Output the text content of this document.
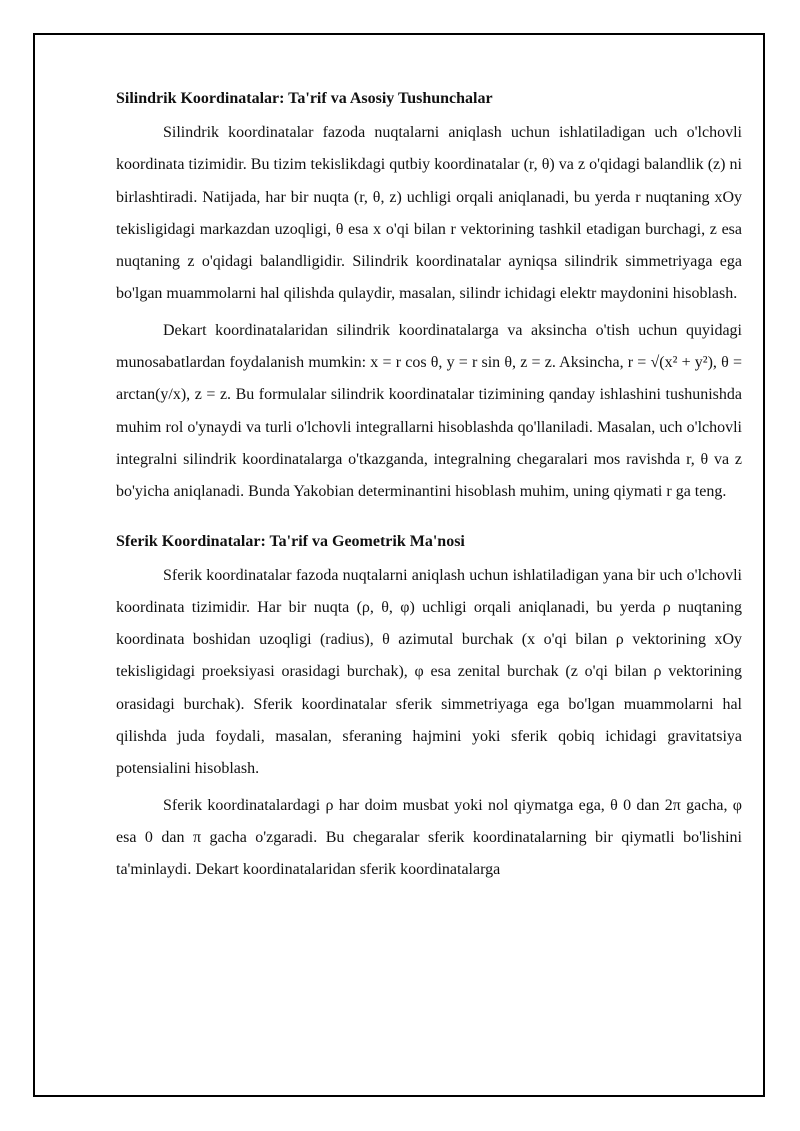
Silindrik Koordinatalar: Ta'rif va Asosiy Tushunchalar

Silindrik koordinatalar fazoda nuqtalarni aniqlash uchun ishlatiladigan uch o'lchovli koordinata tizimidir. Bu tizim tekislikdagi qutbiy koordinatalar (r, θ) va z o'qidagi balandlik (z) ni birlashtiradi. Natijada, har bir nuqta (r, θ, z) uchligi orqali aniqlanadi, bu yerda r nuqtaning xOy tekisligidagi markazdan uzoqligi, θ esa x o'qi bilan r vektorining tashkil etadigan burchagi, z esa nuqtaning z o'qidagi balandligidir. Silindrik koordinatalar ayniqsa silindrik simmetriyaga ega bo'lgan muammolarni hal qilishda qulaydir, masalan, silindr ichidagi elektr maydonini hisoblash.

Dekart koordinatalaridan silindrik koordinatalarga va aksincha o'tish uchun quyidagi munosabatlardan foydalanish mumkin: x = r cos θ, y = r sin θ, z = z. Aksincha, r = √(x² + y²), θ = arctan(y/x), z = z. Bu formulalar silindrik koordinatalar tizimining qanday ishlashini tushunishda muhim rol o'ynaydi va turli o'lchovli integrallarni hisoblashda qo'llaniladi. Masalan, uch o'lchovli integralni silindrik koordinatalarga o'tkazganda, integralning chegaralari mos ravishda r, θ va z bo'yicha aniqlanadi. Bunda Yakobian determinantini hisoblash muhim, uning qiymati r ga teng.

Sferik Koordinatalar: Ta'rif va Geometrik Ma'nosi

Sferik koordinatalar fazoda nuqtalarni aniqlash uchun ishlatiladigan yana bir uch o'lchovli koordinata tizimidir. Har bir nuqta (ρ, θ, φ) uchligi orqali aniqlanadi, bu yerda ρ nuqtaning koordinata boshidan uzoqligi (radius), θ azimutal burchak (x o'qi bilan ρ vektorining xOy tekisligidagi proeksiyasi orasidagi burchak), φ esa zenital burchak (z o'qi bilan ρ vektorining orasidagi burchak). Sferik koordinatalar sferik simmetriyaga ega bo'lgan muammolarni hal qilishda juda foydali, masalan, sferaning hajmini yoki sferik qobiq ichidagi gravitatsiya potensialini hisoblash.

Sferik koordinatalardagi ρ har doim musbat yoki nol qiymatga ega, θ 0 dan 2π gacha, φ esa 0 dan π gacha o'zgaradi. Bu chegaralar sferik koordinatalarning bir qiymatli bo'lishini ta'minlaydi. Dekart koordinatalaridan sferik koordinatalarga
